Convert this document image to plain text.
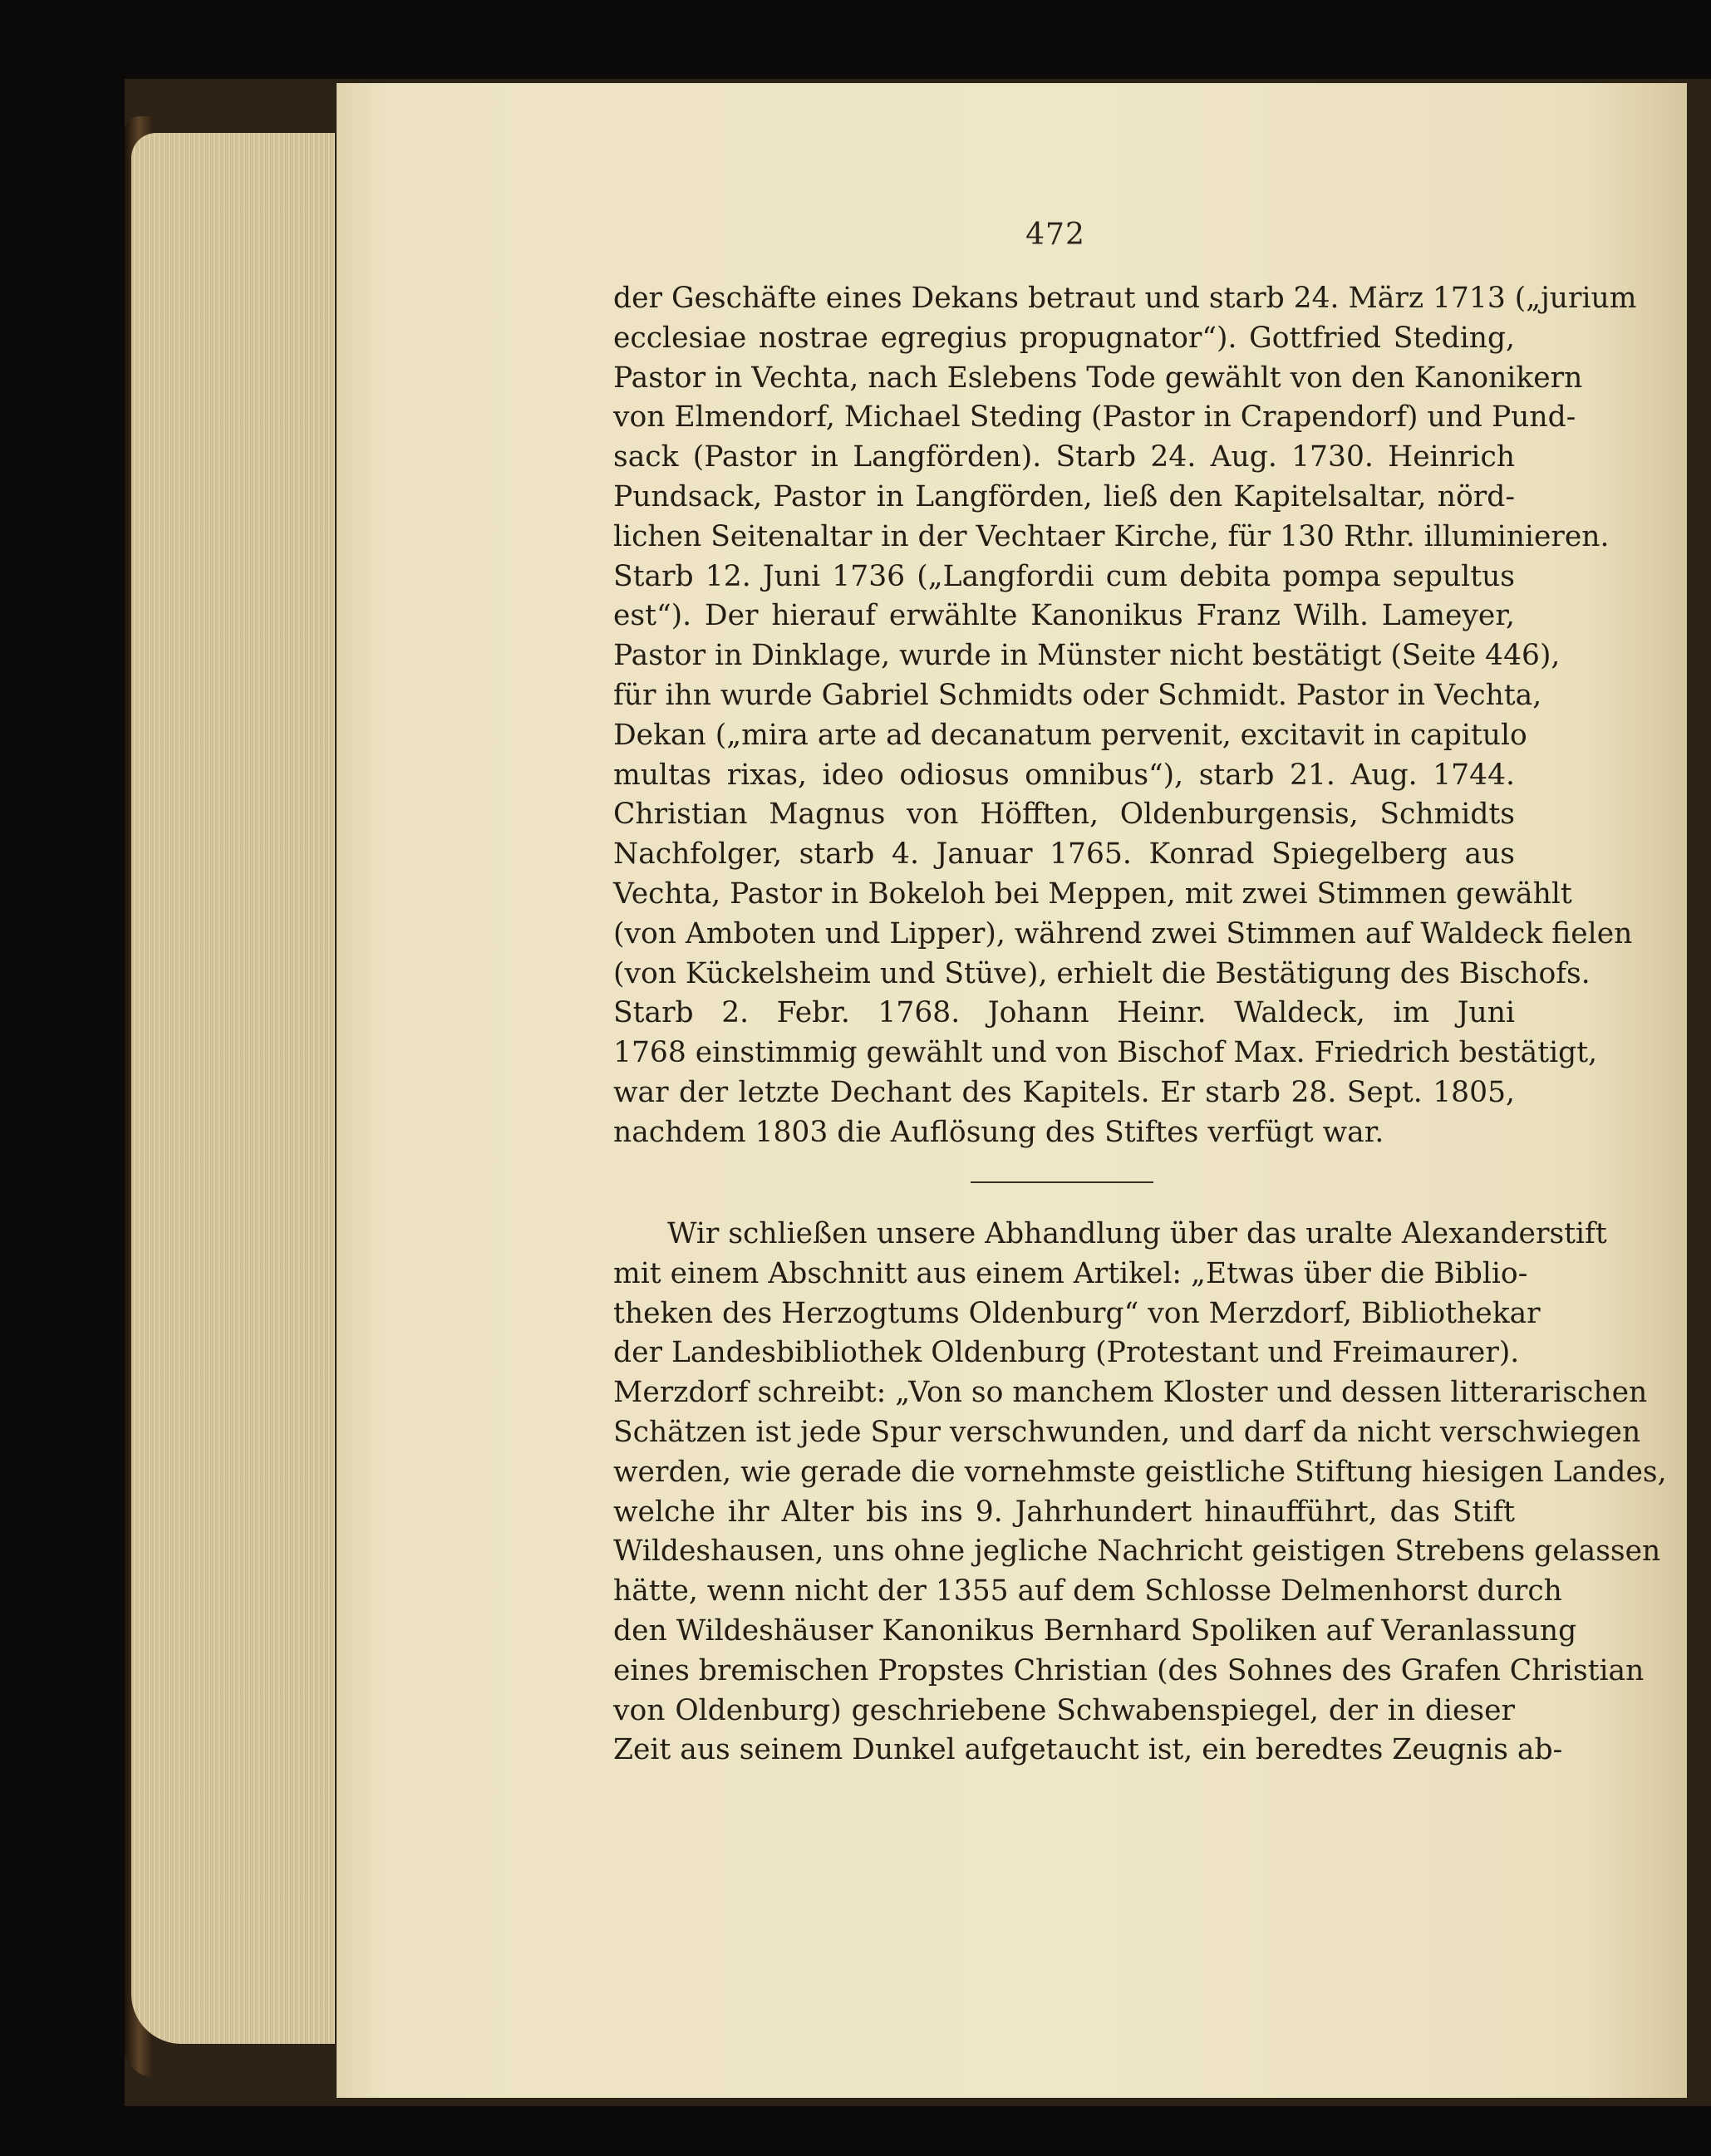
472
der Geschäfte eines Dekans betraut und starb 24. März 1713 („jurium
ecclesiae nostrae egregius propugnator“). Gottfried Steding,
Pastor in Vechta, nach Eslebens Tode gewählt von den Kanonikern
von Elmendorf, Michael Steding (Pastor in Crapendorf) und Pund-
sack (Pastor in Langförden). Starb 24. Aug. 1730. Heinrich
Pundsack, Pastor in Langförden, ließ den Kapitelsaltar, nörd-
lichen Seitenaltar in der Vechtaer Kirche, für 130 Rthr. illuminieren.
Starb 12. Juni 1736 („Langfordii cum debita pompa sepultus
est“). Der hierauf erwählte Kanonikus Franz Wilh. Lameyer,
Pastor in Dinklage, wurde in Münster nicht bestätigt (Seite 446),
für ihn wurde Gabriel Schmidts oder Schmidt. Pastor in Vechta,
Dekan („mira arte ad decanatum pervenit, excitavit in capitulo
multas rixas, ideo odiosus omnibus“), starb 21. Aug. 1744.
Christian Magnus von Höfften, Oldenburgensis, Schmidts
Nachfolger, starb 4. Januar 1765. Konrad Spiegelberg aus
Vechta, Pastor in Bokeloh bei Meppen, mit zwei Stimmen gewählt
(von Amboten und Lipper), während zwei Stimmen auf Waldeck fielen
(von Kückelsheim und Stüve), erhielt die Bestätigung des Bischofs.
Starb 2. Febr. 1768. Johann Heinr. Waldeck, im Juni
1768 einstimmig gewählt und von Bischof Max. Friedrich bestätigt,
war der letzte Dechant des Kapitels. Er starb 28. Sept. 1805,
nachdem 1803 die Auflösung des Stiftes verfügt war.
Wir schließen unsere Abhandlung über das uralte Alexanderstift
mit einem Abschnitt aus einem Artikel: „Etwas über die Biblio-
theken des Herzogtums Oldenburg“ von Merzdorf, Bibliothekar
der Landesbibliothek Oldenburg (Protestant und Freimaurer).
Merzdorf schreibt: „Von so manchem Kloster und dessen litterarischen
Schätzen ist jede Spur verschwunden, und darf da nicht verschwiegen
werden, wie gerade die vornehmste geistliche Stiftung hiesigen Landes,
welche ihr Alter bis ins 9. Jahrhundert hinaufführt, das Stift
Wildeshausen, uns ohne jegliche Nachricht geistigen Strebens gelassen
hätte, wenn nicht der 1355 auf dem Schlosse Delmenhorst durch
den Wildeshäuser Kanonikus Bernhard Spoliken auf Veranlassung
eines bremischen Propstes Christian (des Sohnes des Grafen Christian
von Oldenburg) geschriebene Schwabenspiegel, der in dieser
Zeit aus seinem Dunkel aufgetaucht ist, ein beredtes Zeugnis ab-
